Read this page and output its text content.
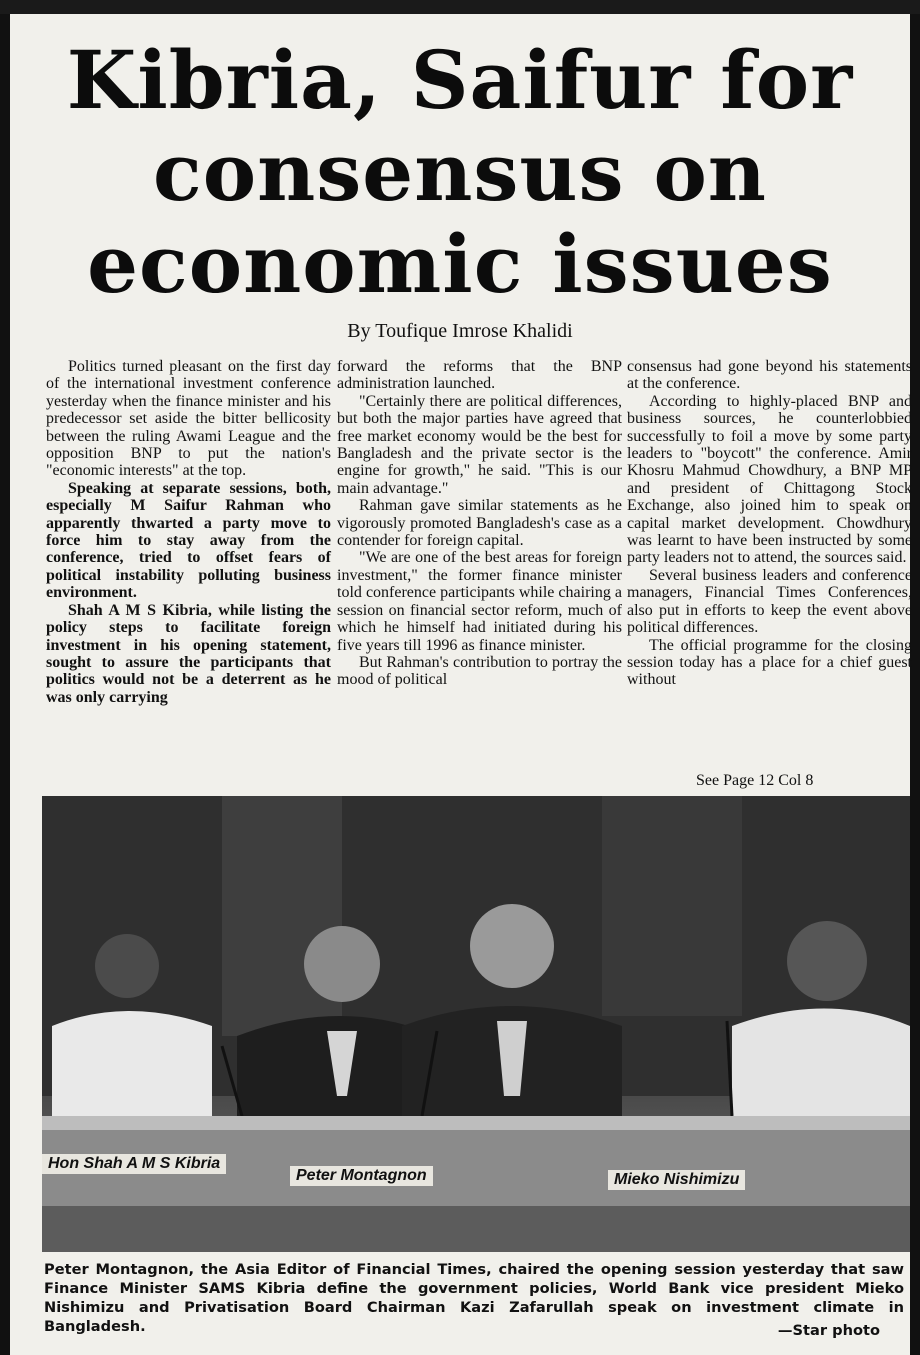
Kibria, Saifur for
consensus on
economic issues
By Toufique Imrose Khalidi

Politics turned pleasant on the first day of the international investment conference yesterday when the finance minister and his predecessor set aside the bitter bellicosity between the ruling Awami League and the opposition BNP to put the nation's "economic interests" at the top.

Speaking at separate sessions, both, especially M Saifur Rahman who apparently thwarted a party move to force him to stay away from the conference, tried to offset fears of political instability polluting business environment.

Shah A M S Kibria, while listing the policy steps to facilitate foreign investment in his opening statement, sought to assure the participants that politics would not be a deterrent as he was only carrying

forward the reforms that the BNP administration launched.

"Certainly there are political differences, but both the major parties have agreed that free market economy would be the best for Bangladesh and the private sector is the engine for growth," he said. "This is our main advantage."

Rahman gave similar statements as he vigorously promoted Bangladesh's case as a contender for foreign capital.

"We are one of the best areas for foreign investment," the former finance minister told conference participants while chairing a session on financial sector reform, much of which he himself had initiated during his five years till 1996 as finance minister.

But Rahman's contribution to portray the mood of political

consensus had gone beyond his statements at the conference.

According to highly-placed BNP and business sources, he counterlobbied successfully to foil a move by some party leaders to "boycott" the conference. Amir Khosru Mahmud Chowdhury, a BNP MP and president of Chittagong Stock Exchange, also joined him to speak on capital market development. Chowdhury was learnt to have been instructed by some party leaders not to attend, the sources said.

Several business leaders and conference managers, Financial Times Conferences, also put in efforts to keep the event above political differences.

The official programme for the closing session today has a place for a chief guest without

See Page 12 Col 8
Hon Shah A M S Kibria
Peter Montagnon	Mieko Nishimizu
Peter Montagnon, the Asia Editor of Financial Times, chaired the opening session yesterday that saw Finance Minister SAMS Kibria define the government policies, World Bank vice president Mieko Nishimizu and Privatisation Board Chairman Kazi Zafarullah speak on investment climate in Bangladesh.	—Star photo
